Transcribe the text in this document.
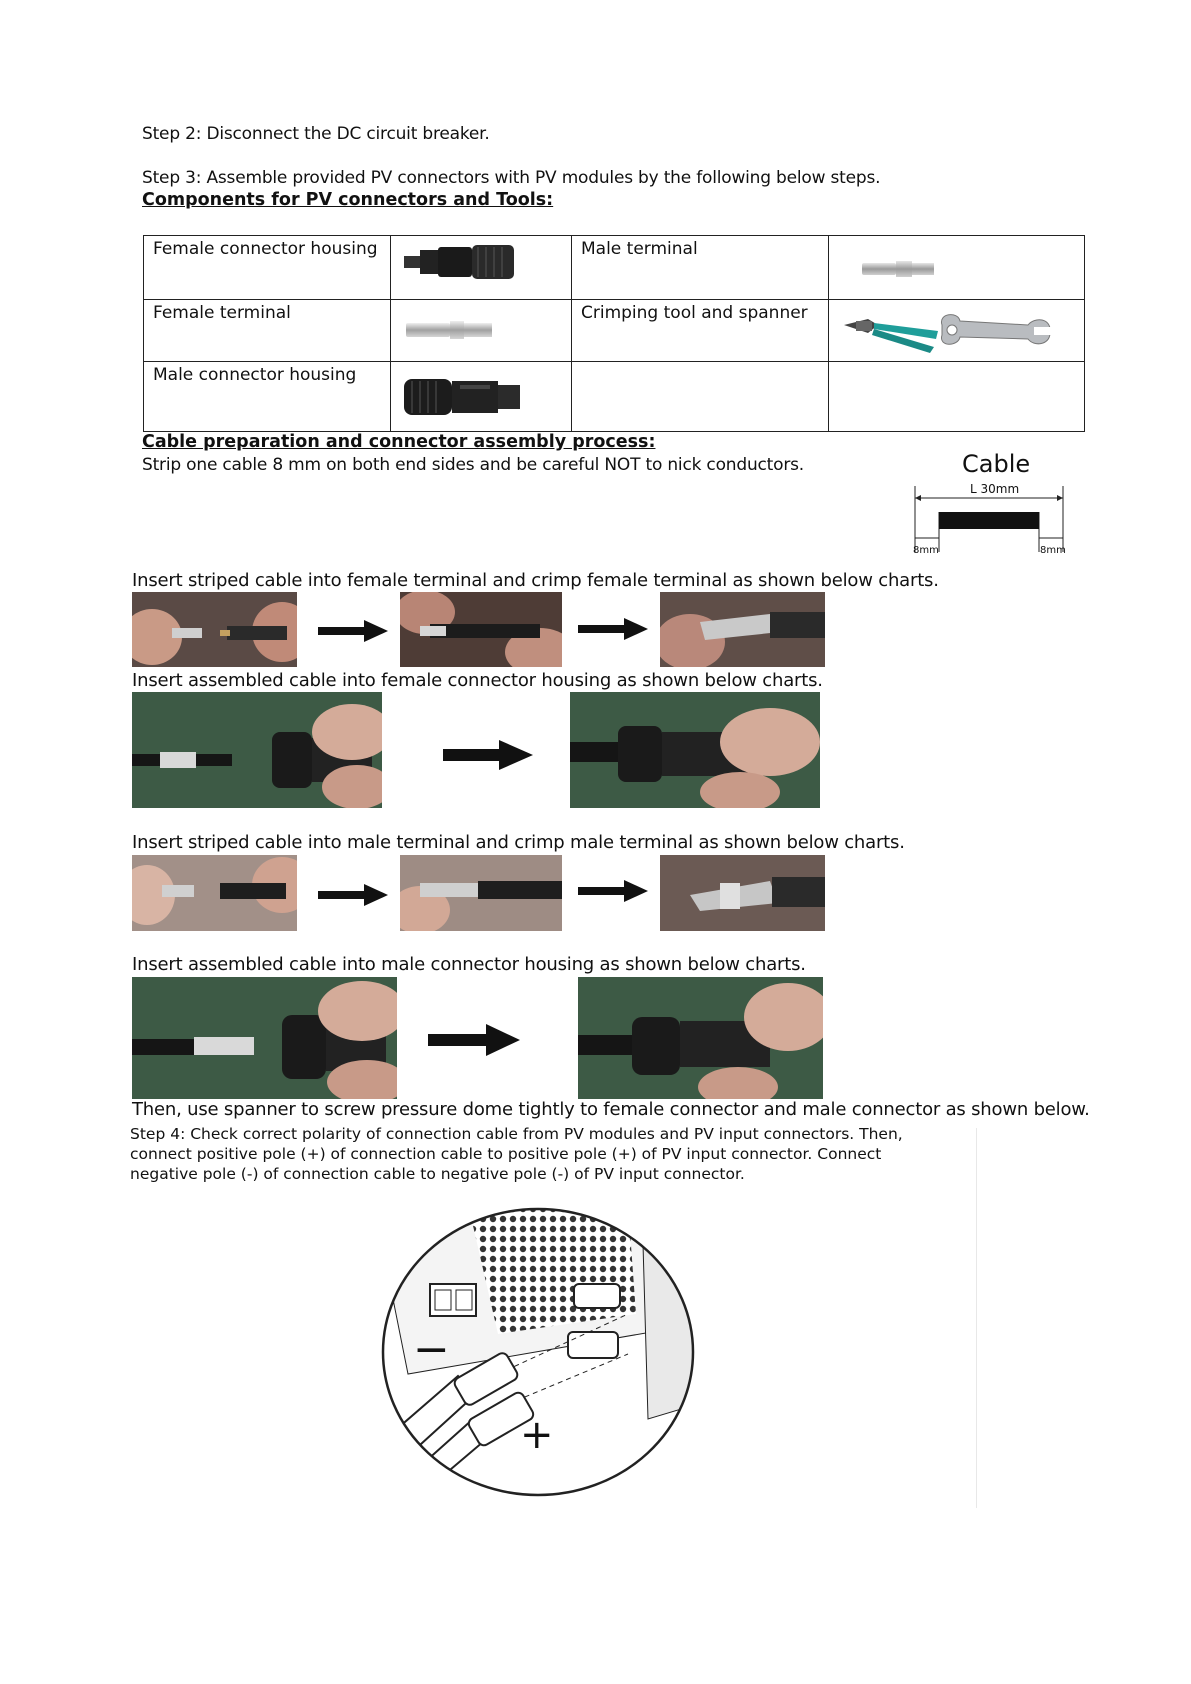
Step 2: Disconnect the DC circuit breaker.
Step 3: Assemble provided PV connectors with PV modules by the following below steps.
Components for PV connectors and Tools:
Female connector housing		Male terminal	
Female terminal		Crimping tool and spanner	
Male connector housing			
Cable preparation and connector assembly process:
Strip one cable 8 mm on both end sides and be careful NOT to nick conductors.	Cable
L 30mm
8mm	8mm
Insert striped cable into female terminal and crimp female terminal as shown below charts.
Insert assembled cable into female connector housing as shown below charts.
Insert striped cable into male terminal and crimp male terminal as shown below charts.
Insert assembled cable into male connector housing as shown below charts.
Then, use spanner to screw pressure dome tightly to female connector and male connector as shown below.
Step 4: Check correct polarity of connection cable from PV modules and PV input connectors. Then, connect positive pole (+) of connection cable to positive pole (+) of PV input connector. Connect negative pole (-) of connection cable to negative pole (-) of PV input connector.
−
+
